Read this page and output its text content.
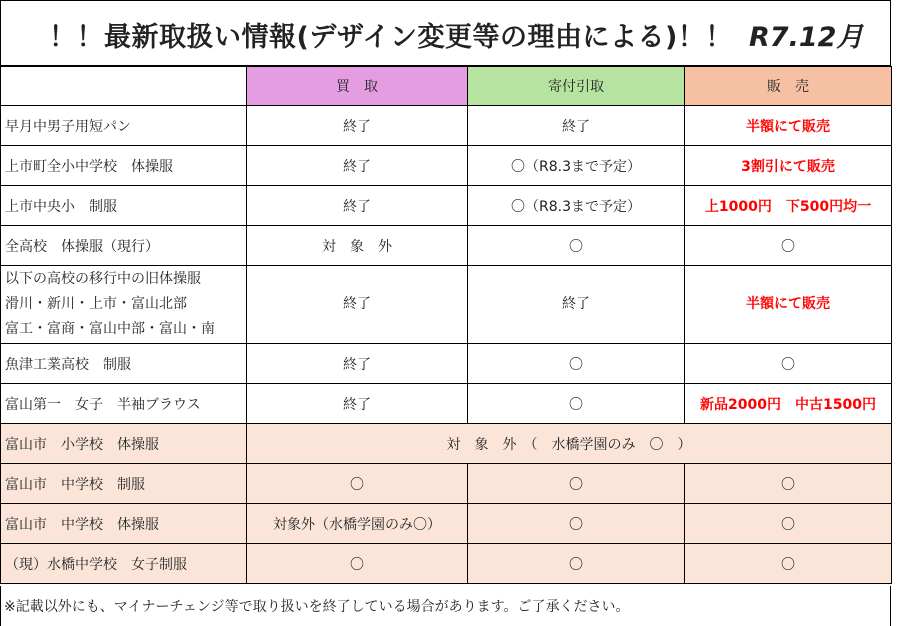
！！最新取扱い情報(デザイン変更等の理由による)！！ R7.12月
	買　取	寄付引取	販　売

早月中男子用短パン	終了	終了	半額にて販売

上市町全小中学校　体操服	終了	〇（R8.3まで予定）	3割引にて販売

上市中央小　制服	終了	〇（R8.3まで予定）	上1000円　下500円均一

全高校　体操服（現行）	対　象　外	〇	〇

以下の高校の移行中の旧体操服
滑川・新川・上市・富山北部
富工・富商・富山中部・富山・南	終了	終了	半額にて販売

魚津工業高校　制服	終了	〇	〇

富山第一　女子　半袖ブラウス	終了	〇	新品2000円　中古1500円

富山市　小学校　体操服	対　象　外　（　水橋学園のみ　〇　）		

富山市　中学校　制服	〇	〇	〇

富山市　中学校　体操服	対象外（水橋学園のみ〇）	〇	〇

（現）水橋中学校　女子制服	〇	〇	〇
※記載以外にも、マイナーチェンジ等で取り扱いを終了している場合があります。ご了承ください。
